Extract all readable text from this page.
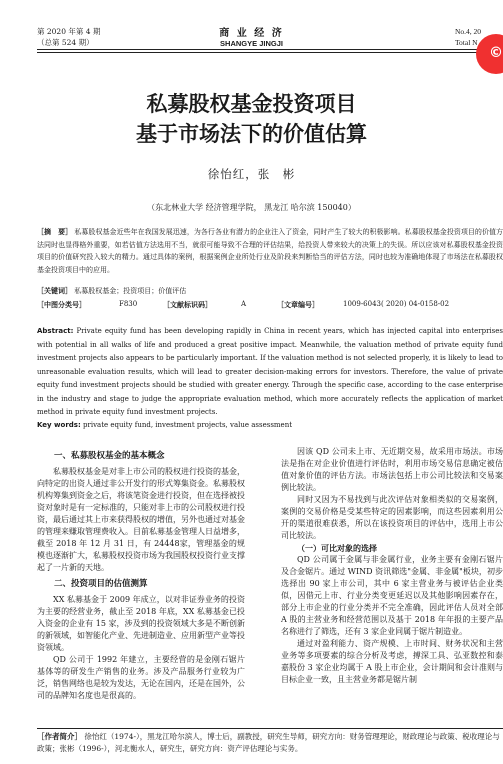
第 2020 年第 4 期
（总第 524 期）
商 业 经 济
SHANGYE JINGJI
No.4, 20
Total N
©
私募股权基金投资项目
基于市场法下的价值估算
徐怡红，张　彬
（东北林业大学 经济管理学院， 黑龙江 哈尔滨 150040）
［摘　要］ 私募股权基金近些年在我国发展迅速，为各行各业有潜力的企业注入了资金，同时产生了较大的积极影响。私募股权基金投资项目的价值方法同时也显得格外重要，如若估值方法选用不当，就很可能导致不合理的评估结果，给投资人带来较大的决策上的失误。所以应该对私募股权基金投资项目的价值研究投入较大的精力。通过具体的案例，根据案例企业所处行业及阶段来判断恰当的评估方法，同时也较为准确地体现了市场法在私募股权基金投资项目中的应用。
［关键词］ 私募股权基金；投资项目；价值评估
［中图分类号］	F830	［文献标识码］	A	［文章编号］	1009-6043( 2020) 04-0158-02
Abstract: Private equity fund has been developing rapidly in China in recent years, which has injected capital into enterprises with potential in all walks of life and produced a great positive impact. Meanwhile, the valuation method of private equity fund investment projects also appears to be particularly important. If the valuation method is not selected properly, it is likely to lead to unreasonable evaluation results, which will lead to greater decision-making errors for investors. Therefore, the value of private equity fund investment projects should be studied with greater energy. Through the specific case, according to the case enterprise in the industry and stage to judge the appropriate evaluation method, which more accurately reflects the application of market method in private equity fund investment projects.
Key words: private equity fund, investment projects, value assessment

一、私募股权基金的基本概念

私募股权基金是对非上市公司的股权进行投资的基金，向特定的出资人通过非公开发行的形式筹集资金。私募股权机构筹集到资金之后，将该笔资金进行投资，但在选择被投资对象时是有一定标准的，只能对非上市的公司股权进行投资，最后通过其上市来获得股权的增值，另外也通过对基金的管理来赚取管理费收入。目前私募基金管理人日益增多，截至 2018 年 12 月 31 日，有 24448家，管理基金的规模也逐渐扩大，私募股权投资市场为我国股权投资行业支撑起了一片新的天地。

二、投资项目的估值测算

XX 私募基金于 2009 年成立，以对非证券业务的投资为主要的经营业务，截止至 2018 年底，XX 私募基金已投入资金的企业有 15 家，涉及到的投资领域大多是不断创新的新领域，如智能化产业、先进制造业、应用新型产业等投资领域。

QD 公司于 1992 年建立，主要经营的是金刚石锯片基体等的研发生产销售的业务。涉及产品服务行业较为广泛，销售网络也是较为发达，无论在国内，还是在国外，公司的品牌知名度也是很高的。

因该 QD 公司未上市、无近期交易，故采用市场法。市场法是指在对企业价值进行评估时，利用市场交易信息确定被估值对象价值的评估方法。市场法包括上市公司比较法和交易案例比较法。

同时又因为不易找到与此次评估对象相类似的交易案例，案例的交易价格是受某些特定的因素影响，而这些因素利用公开的渠道很难获悉，所以在该投资项目的评估中，选用上市公司比较法。

（一）可比对象的选择

QD 公司属于金属与非金属行业，业务主要有金刚石锯片及合金锯片。通过 WIND 资讯筛选"金属、非金属"板块，初步选择出 90 家上市公司，其中 6 家主营业务与被评估企业类似，因借元上市、行业分类变更延迟以及其他影响因素存在，部分上市企业的行业分类并不完全准确，因此评估人员对全部 A 股的主营业务和经营范围以及基于 2018 年年报的主要产品名称进行了筛选，还有 3 家企业同属于锯片制造业。

通过对盈利能力、资产规模、上市时间、财务状况和主营业务等多项要素的综合分析及考虑，搏深工具、弘亚数控和泰嘉股份 3 家企业均属于 A 股上市企业，会计期间和会计准则与目标企业一致，且主营业务都是锯片制

［作者简介］ 徐怡红（1974-），黑龙江哈尔滨人，博士后，副教授，研究生导师，研究方向：财务管理理论，财政理论与政策、税收理论与政策；张彬（1996-），河北衡水人，研究生，研究方向：资产评估理论与实务。
